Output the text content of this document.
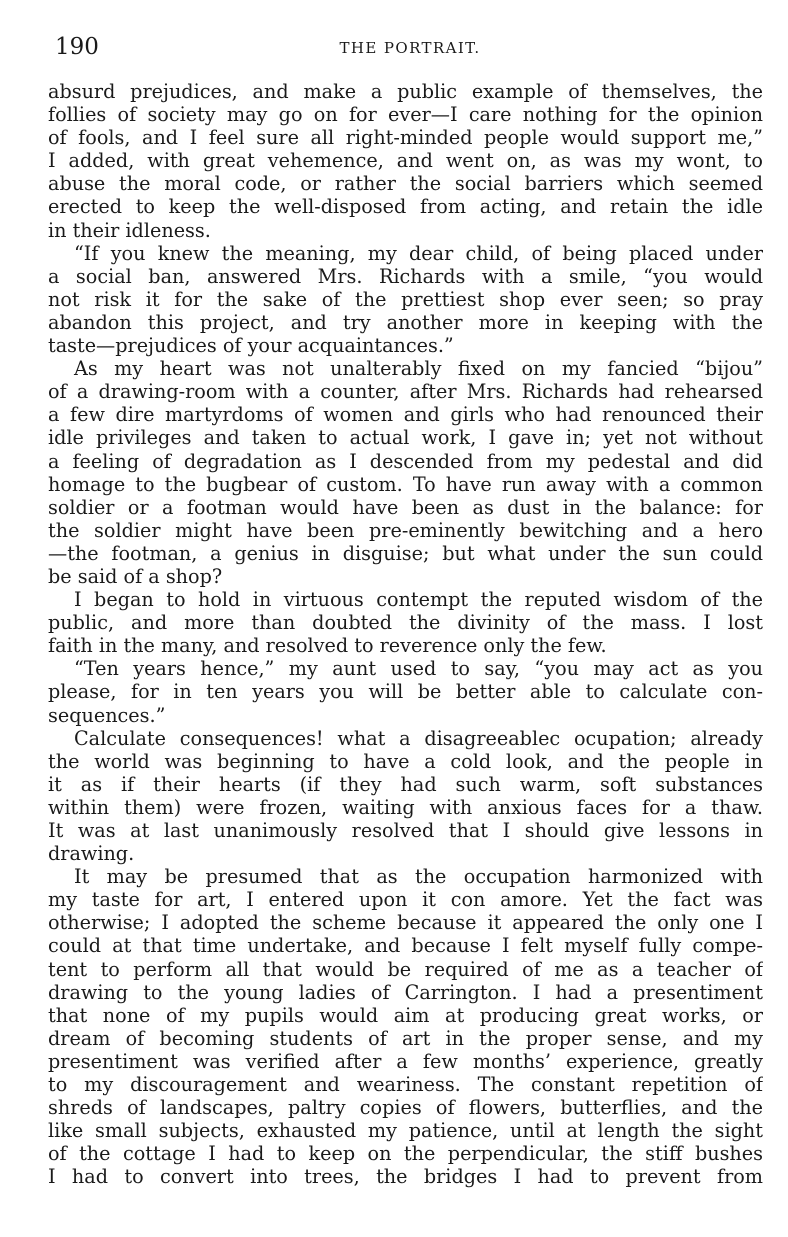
190	THE PORTRAIT.
absurd prejudices, and make a public example of themselves, the
follies of society may go on for ever—I care nothing for the opinion
of fools, and I feel sure all right-minded people would support me,”
I added, with great vehemence, and went on, as was my wont, to
abuse the moral code, or rather the social barriers which seemed
erected to keep the well-disposed from acting, and retain the idle
in their idleness.
“If you knew the meaning, my dear child, of being placed under
a social ban, answered Mrs. Richards with a smile, “you would
not risk it for the sake of the prettiest shop ever seen; so pray
abandon this project, and try another more in keeping with the
taste—prejudices of your acquaintances.”
As my heart was not unalterably fixed on my fancied “bijou”
of a drawing-room with a counter, after Mrs. Richards had rehearsed
a few dire martyrdoms of women and girls who had renounced their
idle privileges and taken to actual work, I gave in; yet not without
a feeling of degradation as I descended from my pedestal and did
homage to the bugbear of custom. To have run away with a common
soldier or a footman would have been as dust in the balance: for
the soldier might have been pre-eminently bewitching and a hero
—the footman, a genius in disguise; but what under the sun could
be said of a shop?
I began to hold in virtuous contempt the reputed wisdom of the
public, and more than doubted the divinity of the mass. I lost
faith in the many, and resolved to reverence only the few.
“Ten years hence,” my aunt used to say, “you may act as you
please, for in ten years you will be better able to calculate con-
sequences.”
Calculate consequences! what a disagreeablec ocupation; already
the world was beginning to have a cold look, and the people in
it as if their hearts (if they had such warm, soft substances
within them) were frozen, waiting with anxious faces for a thaw.
It was at last unanimously resolved that I should give lessons in
drawing.
It may be presumed that as the occupation harmonized with
my taste for art, I entered upon it con amore. Yet the fact was
otherwise; I adopted the scheme because it appeared the only one I
could at that time undertake, and because I felt myself fully compe-
tent to perform all that would be required of me as a teacher of
drawing to the young ladies of Carrington. I had a presentiment
that none of my pupils would aim at producing great works, or
dream of becoming students of art in the proper sense, and my
presentiment was verified after a few months’ experience, greatly
to my discouragement and weariness. The constant repetition of
shreds of landscapes, paltry copies of flowers, butterflies, and the
like small subjects, exhausted my patience, until at length the sight
of the cottage I had to keep on the perpendicular, the stiff bushes
I had to convert into trees, the bridges I had to prevent from
